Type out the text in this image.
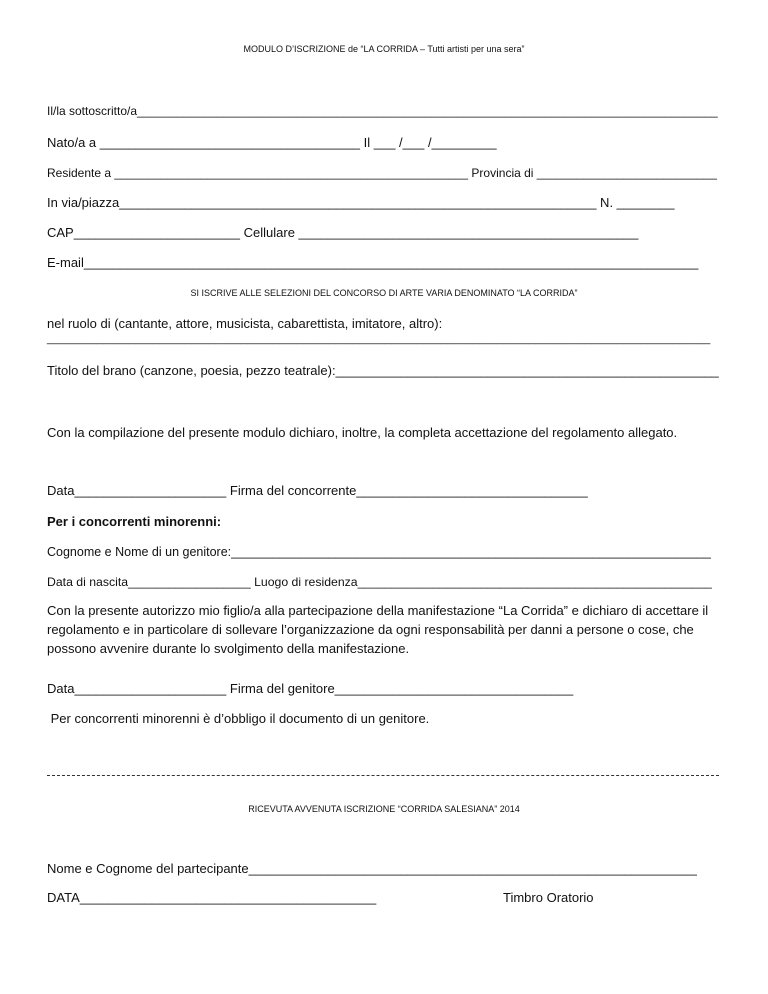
MODULO D’ISCRIZIONE de “LA CORRIDA – Tutti artisti per una sera”
Il/la sottoscritto/a_______________________________________________________________________________________
Nato/a a ____________________________________ Il ___ /___ /_________
Residente a _____________________________________________________ Provincia di ___________________________
In via/piazza__________________________________________________________________ N. ________
CAP_______________________ Cellulare _______________________________________________
E-mail_____________________________________________________________________________________
SI ISCRIVE ALLE SELEZIONI DEL CONCORSO DI ARTE VARIA DENOMINATO “LA CORRIDA”
nel ruolo di (cantante, attore, musicista, cabarettista, imitatore, altro):
__________________________________________________________________________________________________________
Titolo del brano (canzone, poesia, pezzo teatrale):_____________________________________________________
Con la compilazione del presente modulo dichiaro, inoltre, la completa accettazione del regolamento allegato.
Data_____________________ Firma del concorrente________________________________
Per i concorrenti minorenni:
Cognome e Nome di un genitore:_____________________________________________________________________
Data di nascita__________________ Luogo di residenza____________________________________________________
Con la presente autorizzo mio figlio/a alla partecipazione della manifestazione “La Corrida” e dichiaro di accettare il regolamento e in particolare di sollevare l’organizzazione da ogni responsabilità per danni a persone o cose, che possono avvenire durante lo svolgimento della manifestazione.
Data_____________________ Firma del genitore_________________________________
Per concorrenti minorenni è d’obbligo il documento di un genitore.
RICEVUTA AVVENUTA ISCRIZIONE “CORRIDA SALESIANA” 2014
Nome e Cognome del partecipante______________________________________________________________
DATA_________________________________________	Timbro Oratorio
